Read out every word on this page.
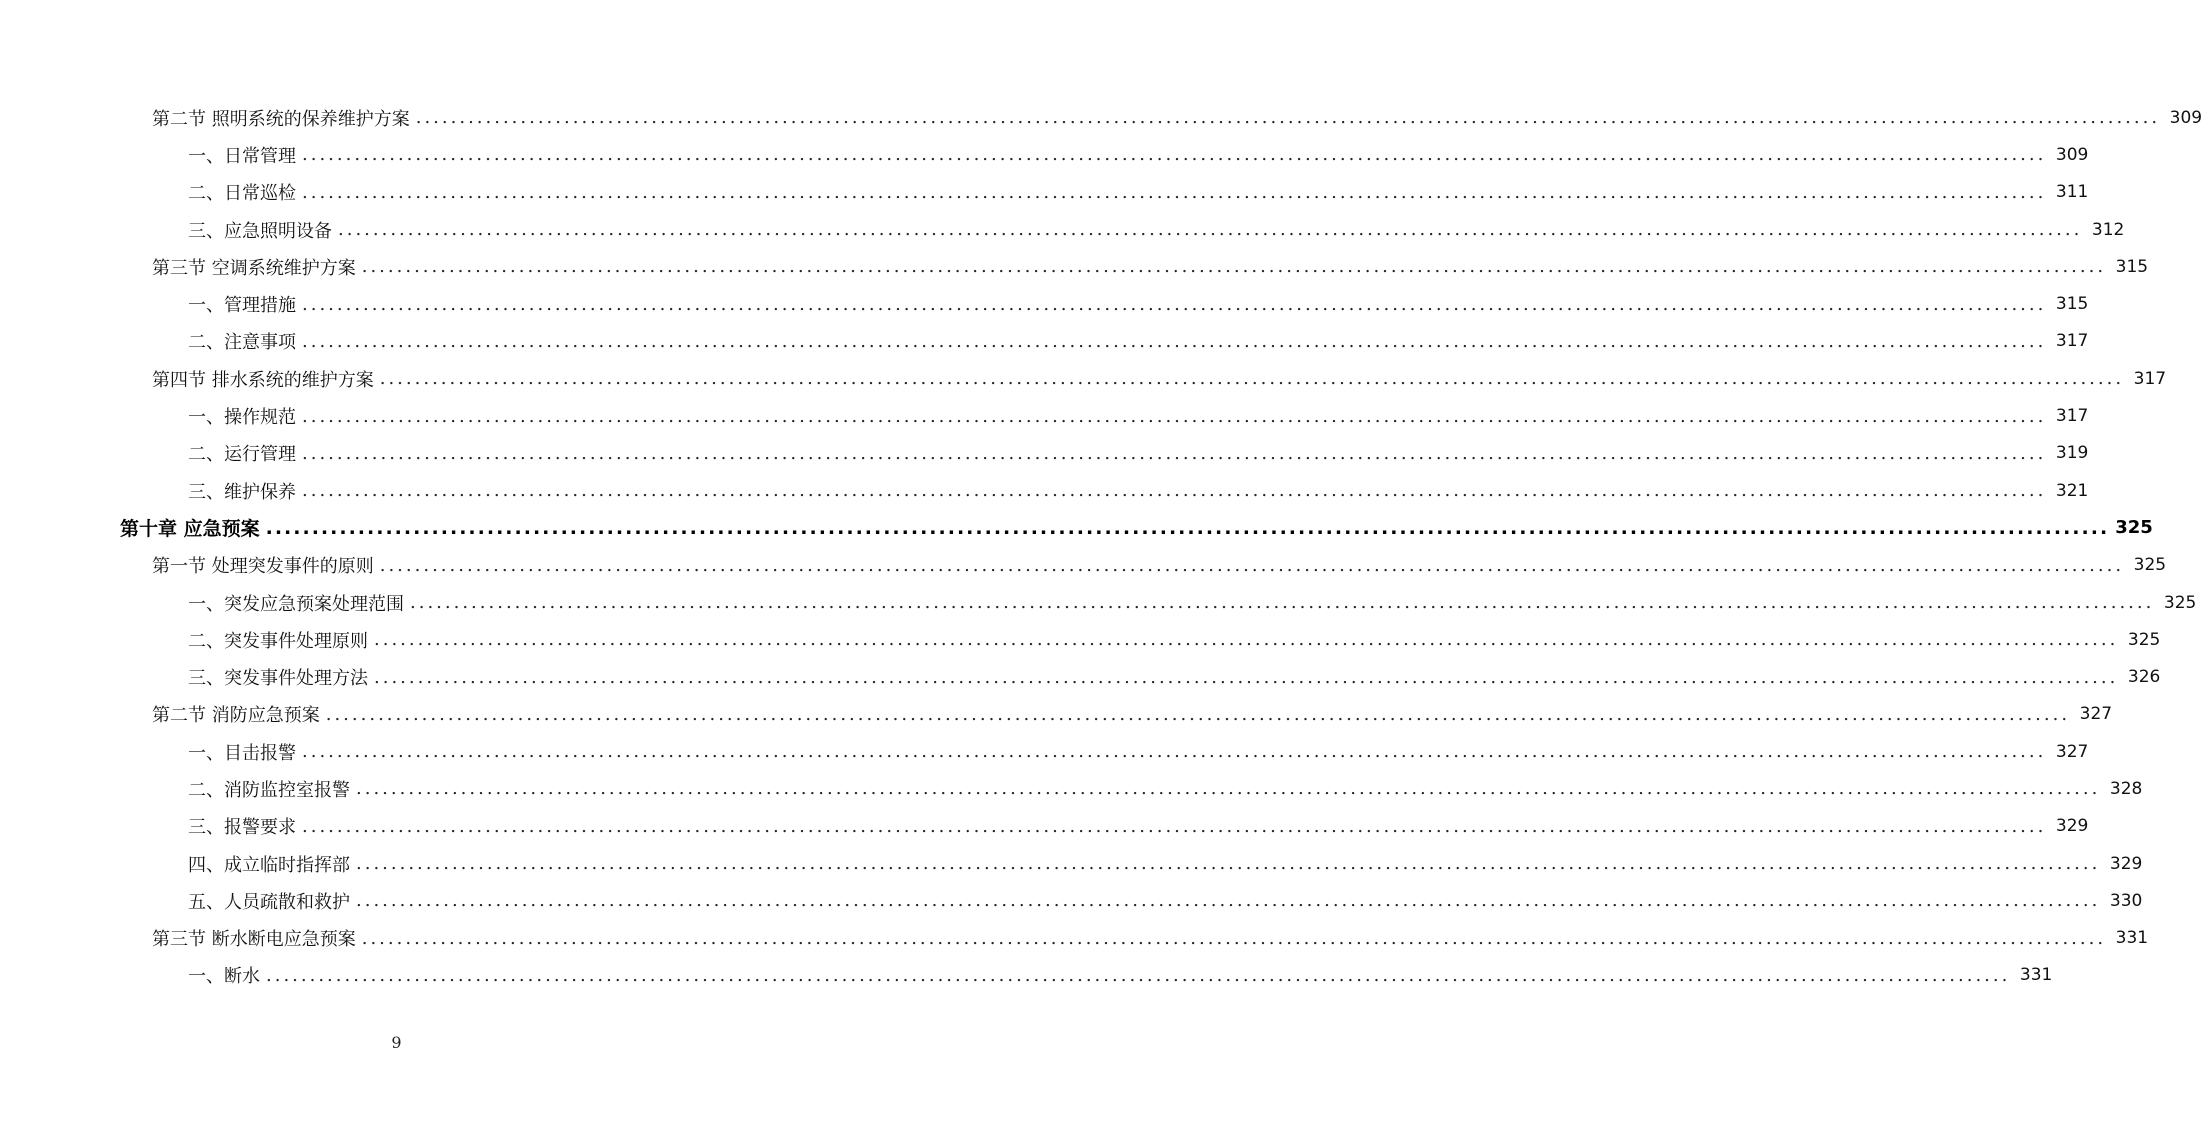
第二节 照明系统的保养维护方案 ........................................................................................................................................................................................................ 309
一、日常管理 ........................................................................................................................................................................................................ 309
二、日常巡检 ........................................................................................................................................................................................................ 311
三、应急照明设备 ........................................................................................................................................................................................................ 312
第三节 空调系统维护方案 ........................................................................................................................................................................................................ 315
一、管理措施 ........................................................................................................................................................................................................ 315
二、注意事项 ........................................................................................................................................................................................................ 317
第四节 排水系统的维护方案 ........................................................................................................................................................................................................ 317
一、操作规范 ........................................................................................................................................................................................................ 317
二、运行管理 ........................................................................................................................................................................................................ 319
三、维护保养 ........................................................................................................................................................................................................ 321
第十章 应急预案 ........................................................................................................................................................................................................ 325
第一节 处理突发事件的原则 ........................................................................................................................................................................................................ 325
一、突发应急预案处理范围 ........................................................................................................................................................................................................ 325
二、突发事件处理原则 ........................................................................................................................................................................................................ 325
三、突发事件处理方法 ........................................................................................................................................................................................................ 326
第二节 消防应急预案 ........................................................................................................................................................................................................ 327
一、目击报警 ........................................................................................................................................................................................................ 327
二、消防监控室报警 ........................................................................................................................................................................................................ 328
三、报警要求 ........................................................................................................................................................................................................ 329
四、成立临时指挥部 ........................................................................................................................................................................................................ 329
五、人员疏散和救护 ........................................................................................................................................................................................................ 330
第三节 断水断电应急预案 ........................................................................................................................................................................................................ 331
一、断水 ........................................................................................................................................................................................................ 331
9
